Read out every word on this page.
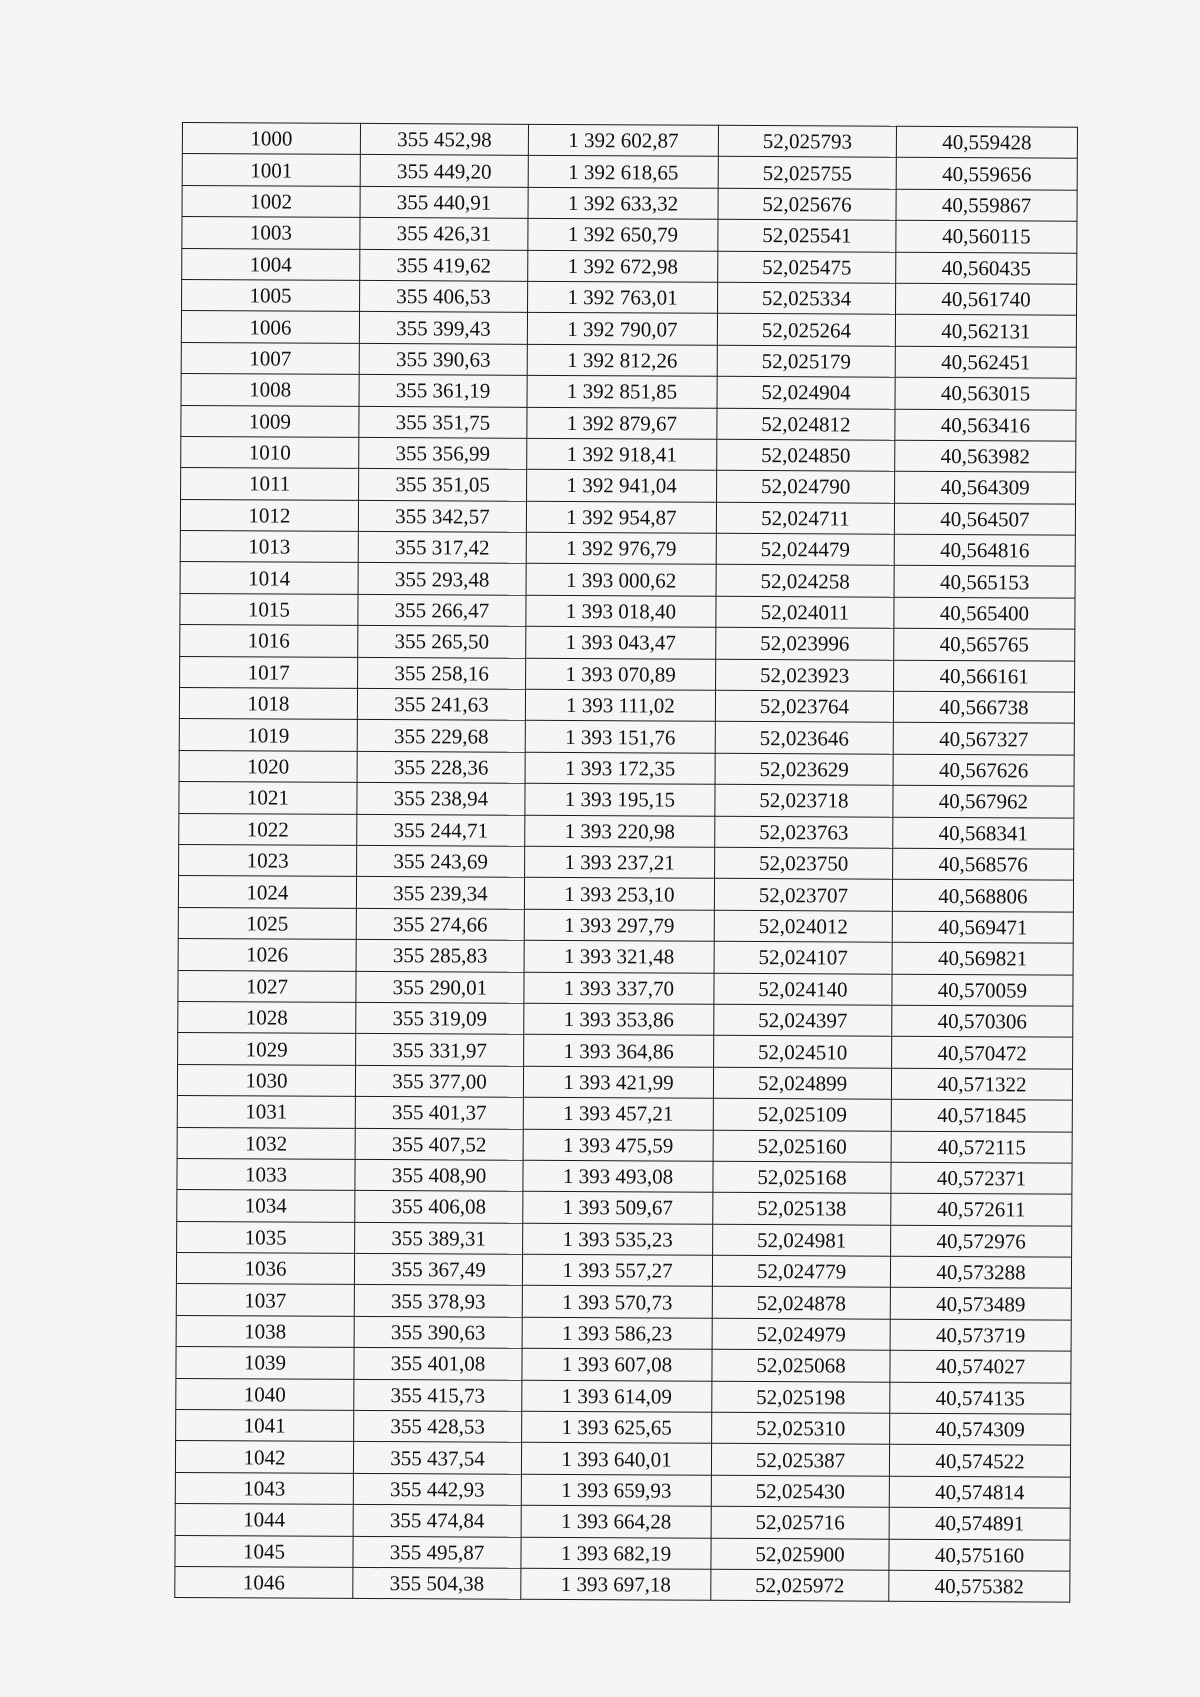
1000	355 452,98	1 392 602,87	52,025793	40,559428
1001	355 449,20	1 392 618,65	52,025755	40,559656
1002	355 440,91	1 392 633,32	52,025676	40,559867
1003	355 426,31	1 392 650,79	52,025541	40,560115
1004	355 419,62	1 392 672,98	52,025475	40,560435
1005	355 406,53	1 392 763,01	52,025334	40,561740
1006	355 399,43	1 392 790,07	52,025264	40,562131
1007	355 390,63	1 392 812,26	52,025179	40,562451
1008	355 361,19	1 392 851,85	52,024904	40,563015
1009	355 351,75	1 392 879,67	52,024812	40,563416
1010	355 356,99	1 392 918,41	52,024850	40,563982
1011	355 351,05	1 392 941,04	52,024790	40,564309
1012	355 342,57	1 392 954,87	52,024711	40,564507
1013	355 317,42	1 392 976,79	52,024479	40,564816
1014	355 293,48	1 393 000,62	52,024258	40,565153
1015	355 266,47	1 393 018,40	52,024011	40,565400
1016	355 265,50	1 393 043,47	52,023996	40,565765
1017	355 258,16	1 393 070,89	52,023923	40,566161
1018	355 241,63	1 393 111,02	52,023764	40,566738
1019	355 229,68	1 393 151,76	52,023646	40,567327
1020	355 228,36	1 393 172,35	52,023629	40,567626
1021	355 238,94	1 393 195,15	52,023718	40,567962
1022	355 244,71	1 393 220,98	52,023763	40,568341
1023	355 243,69	1 393 237,21	52,023750	40,568576
1024	355 239,34	1 393 253,10	52,023707	40,568806
1025	355 274,66	1 393 297,79	52,024012	40,569471
1026	355 285,83	1 393 321,48	52,024107	40,569821
1027	355 290,01	1 393 337,70	52,024140	40,570059
1028	355 319,09	1 393 353,86	52,024397	40,570306
1029	355 331,97	1 393 364,86	52,024510	40,570472
1030	355 377,00	1 393 421,99	52,024899	40,571322
1031	355 401,37	1 393 457,21	52,025109	40,571845
1032	355 407,52	1 393 475,59	52,025160	40,572115
1033	355 408,90	1 393 493,08	52,025168	40,572371
1034	355 406,08	1 393 509,67	52,025138	40,572611
1035	355 389,31	1 393 535,23	52,024981	40,572976
1036	355 367,49	1 393 557,27	52,024779	40,573288
1037	355 378,93	1 393 570,73	52,024878	40,573489
1038	355 390,63	1 393 586,23	52,024979	40,573719
1039	355 401,08	1 393 607,08	52,025068	40,574027
1040	355 415,73	1 393 614,09	52,025198	40,574135
1041	355 428,53	1 393 625,65	52,025310	40,574309
1042	355 437,54	1 393 640,01	52,025387	40,574522
1043	355 442,93	1 393 659,93	52,025430	40,574814
1044	355 474,84	1 393 664,28	52,025716	40,574891
1045	355 495,87	1 393 682,19	52,025900	40,575160
1046	355 504,38	1 393 697,18	52,025972	40,575382
